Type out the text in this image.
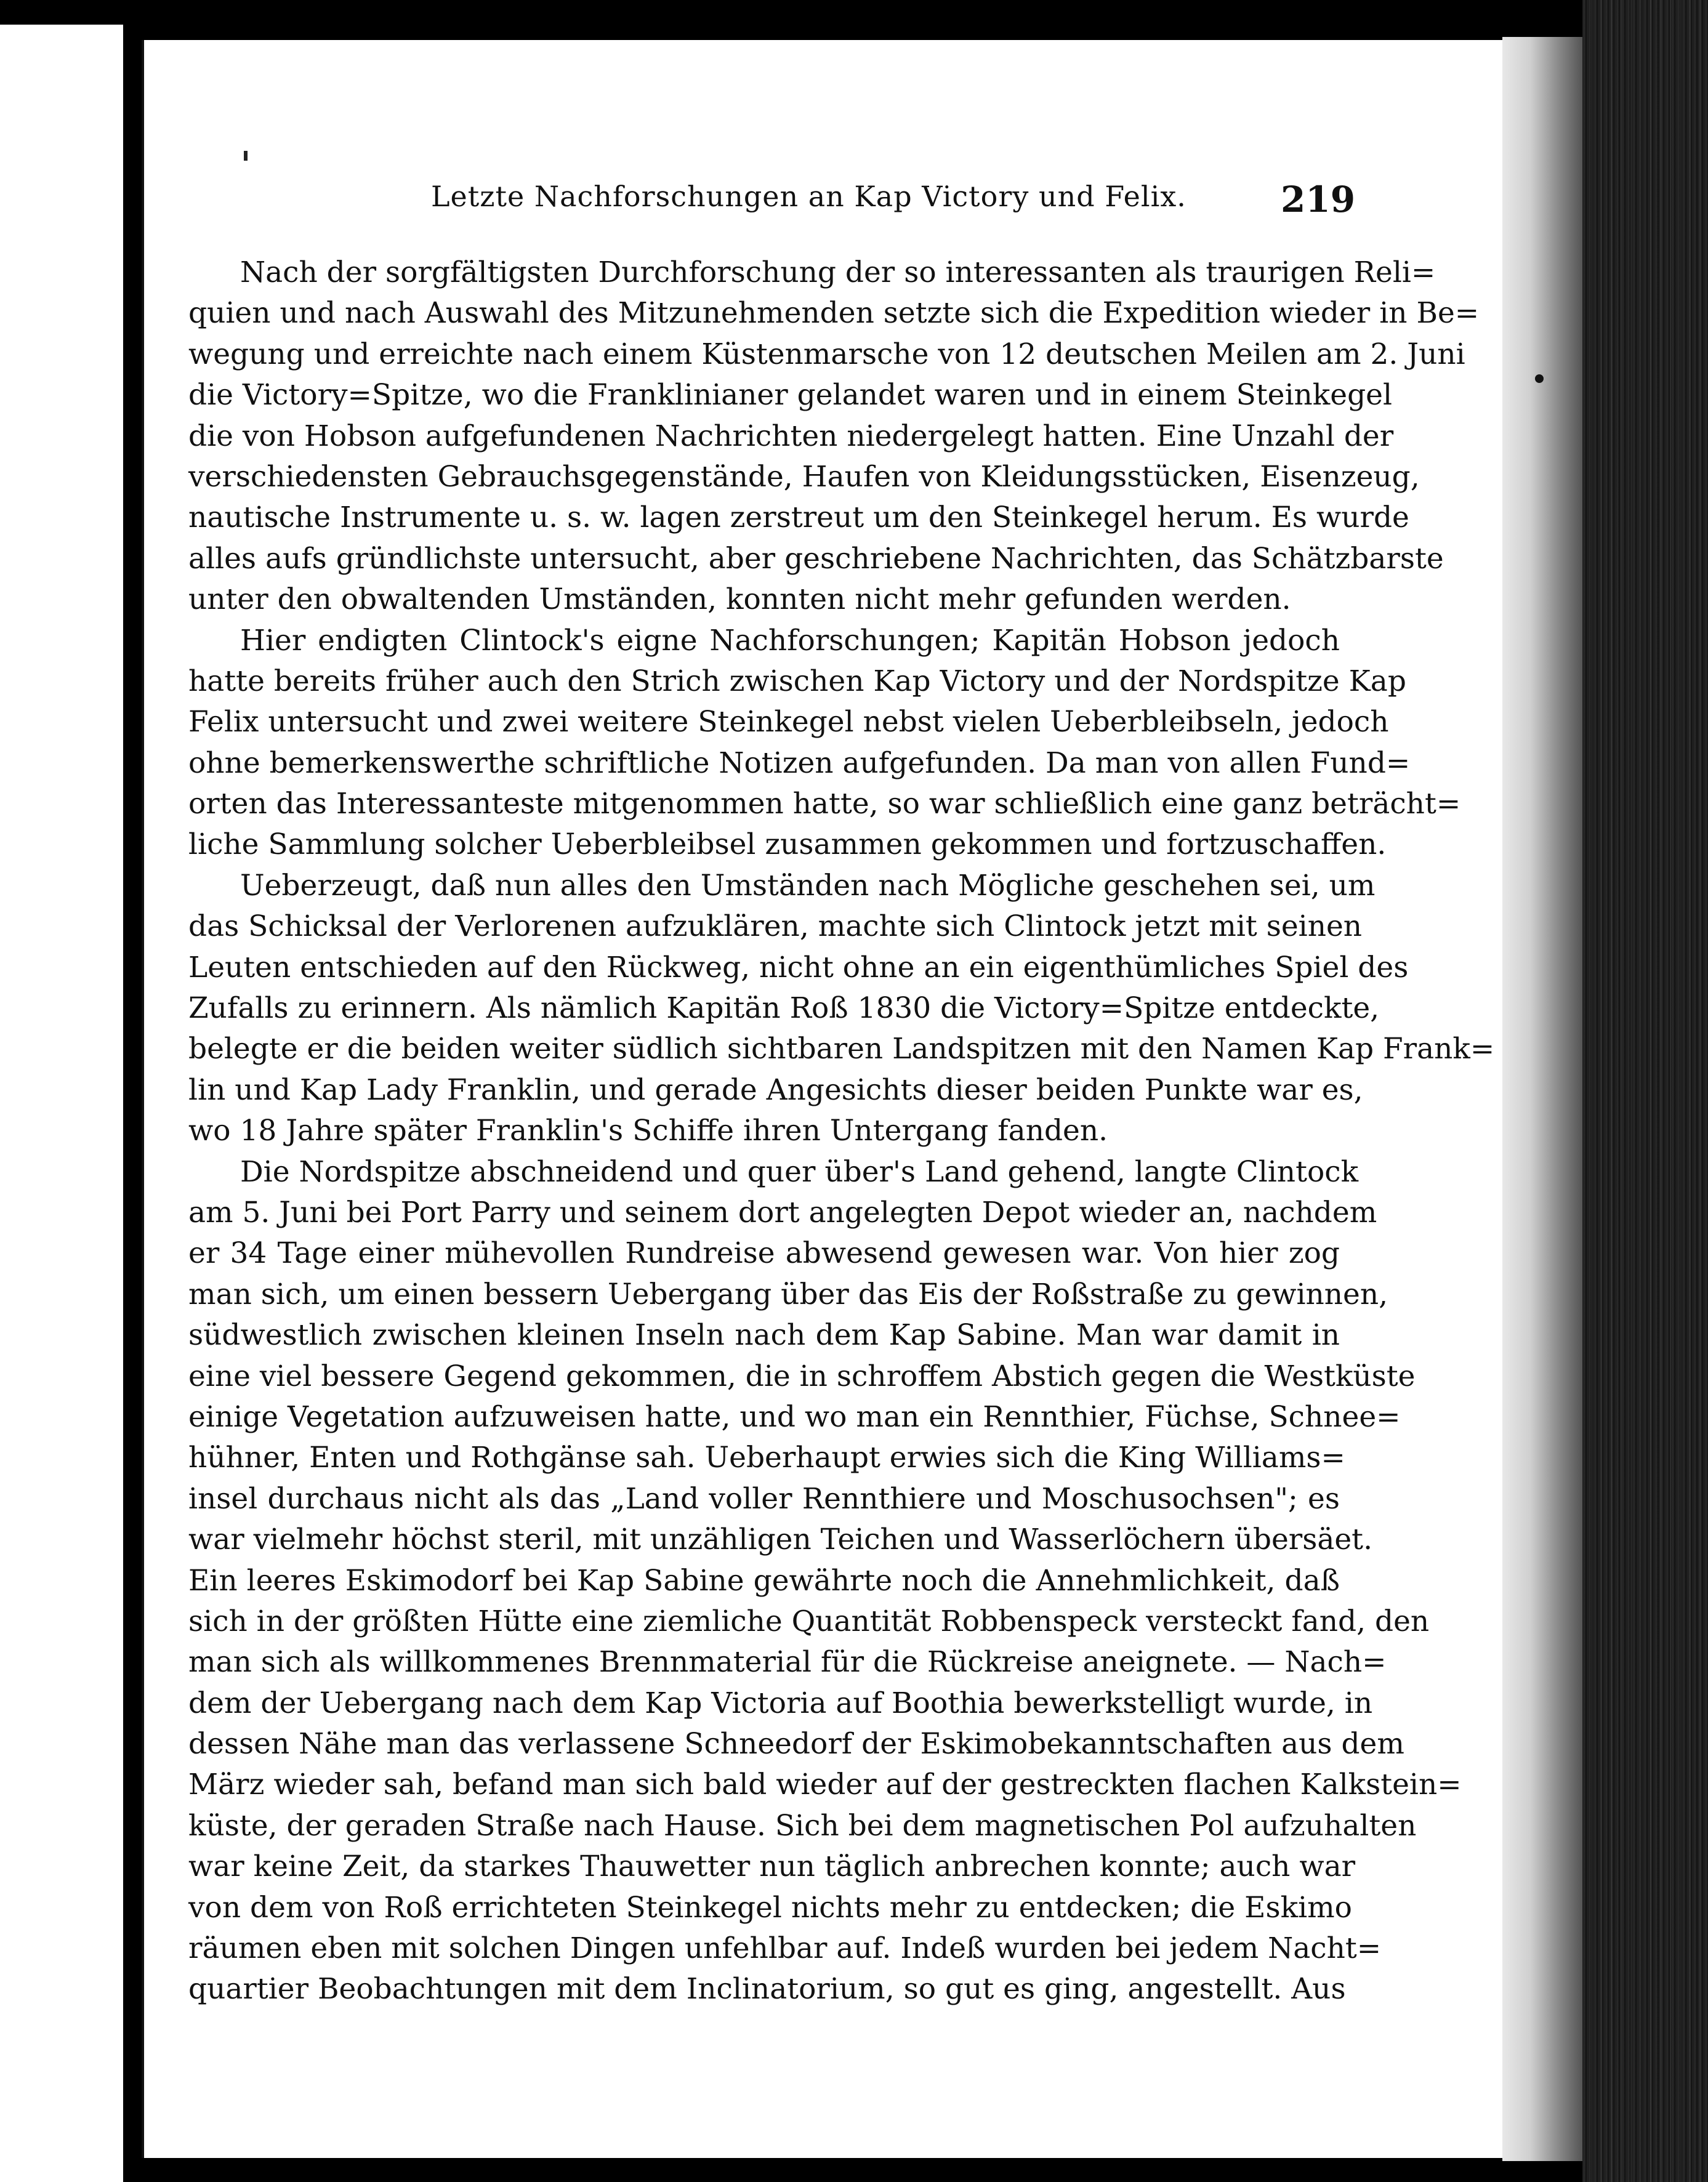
Letzte Nachforschungen an Kap Victory und Felix.	219
Nach der sorgfältigsten Durchforschung der so interessanten als traurigen Reli=
quien und nach Auswahl des Mitzunehmenden setzte sich die Expedition wieder in Be=
wegung und erreichte nach einem Küstenmarsche von 12 deutschen Meilen am 2. Juni
die Victory=Spitze, wo die Franklinianer gelandet waren und in einem Steinkegel
die von Hobson aufgefundenen Nachrichten niedergelegt hatten. Eine Unzahl der
verschiedensten Gebrauchsgegenstände, Haufen von Kleidungsstücken, Eisenzeug,
nautische Instrumente u. s. w. lagen zerstreut um den Steinkegel herum. Es wurde
alles aufs gründlichste untersucht, aber geschriebene Nachrichten, das Schätzbarste
unter den obwaltenden Umständen, konnten nicht mehr gefunden werden.
Hier endigten Clintock's eigne Nachforschungen; Kapitän Hobson jedoch
hatte bereits früher auch den Strich zwischen Kap Victory und der Nordspitze Kap
Felix untersucht und zwei weitere Steinkegel nebst vielen Ueberbleibseln, jedoch
ohne bemerkenswerthe schriftliche Notizen aufgefunden. Da man von allen Fund=
orten das Interessanteste mitgenommen hatte, so war schließlich eine ganz beträcht=
liche Sammlung solcher Ueberbleibsel zusammen gekommen und fortzuschaffen.
Ueberzeugt, daß nun alles den Umständen nach Mögliche geschehen sei, um
das Schicksal der Verlorenen aufzuklären, machte sich Clintock jetzt mit seinen
Leuten entschieden auf den Rückweg, nicht ohne an ein eigenthümliches Spiel des
Zufalls zu erinnern. Als nämlich Kapitän Roß 1830 die Victory=Spitze entdeckte,
belegte er die beiden weiter südlich sichtbaren Landspitzen mit den Namen Kap Frank=
lin und Kap Lady Franklin, und gerade Angesichts dieser beiden Punkte war es,
wo 18 Jahre später Franklin's Schiffe ihren Untergang fanden.
Die Nordspitze abschneidend und quer über's Land gehend, langte Clintock
am 5. Juni bei Port Parry und seinem dort angelegten Depot wieder an, nachdem
er 34 Tage einer mühevollen Rundreise abwesend gewesen war. Von hier zog
man sich, um einen bessern Uebergang über das Eis der Roßstraße zu gewinnen,
südwestlich zwischen kleinen Inseln nach dem Kap Sabine. Man war damit in
eine viel bessere Gegend gekommen, die in schroffem Abstich gegen die Westküste
einige Vegetation aufzuweisen hatte, und wo man ein Rennthier, Füchse, Schnee=
hühner, Enten und Rothgänse sah. Ueberhaupt erwies sich die King Williams=
insel durchaus nicht als das „Land voller Rennthiere und Moschusochsen"; es
war vielmehr höchst steril, mit unzähligen Teichen und Wasserlöchern übersäet.
Ein leeres Eskimodorf bei Kap Sabine gewährte noch die Annehmlichkeit, daß
sich in der größten Hütte eine ziemliche Quantität Robbenspeck versteckt fand, den
man sich als willkommenes Brennmaterial für die Rückreise aneignete. — Nach=
dem der Uebergang nach dem Kap Victoria auf Boothia bewerkstelligt wurde, in
dessen Nähe man das verlassene Schneedorf der Eskimobekanntschaften aus dem
März wieder sah, befand man sich bald wieder auf der gestreckten flachen Kalkstein=
küste, der geraden Straße nach Hause. Sich bei dem magnetischen Pol aufzuhalten
war keine Zeit, da starkes Thauwetter nun täglich anbrechen konnte; auch war
von dem von Roß errichteten Steinkegel nichts mehr zu entdecken; die Eskimo
räumen eben mit solchen Dingen unfehlbar auf. Indeß wurden bei jedem Nacht=
quartier Beobachtungen mit dem Inclinatorium, so gut es ging, angestellt. Aus
